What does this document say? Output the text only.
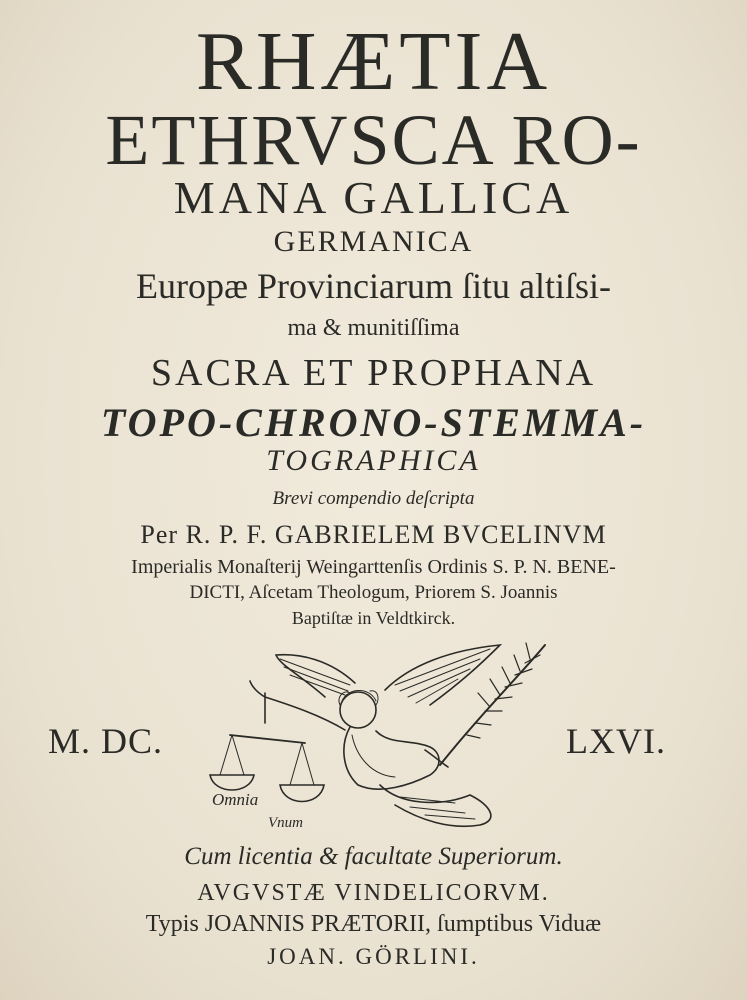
RHÆTIA
ETHRVSCA RO-
MANA GALLICA
GERMANICA
Europæ Provinciarum ſitu altiſsi-
ma & munitiſſima
SACRA ET PROPHANA
TOPO-CHRONO-STEMMA-
TOGRAPHICA
Brevi compendio deſcripta
Per R. P. F. GABRIELEM BVCELINVM
Imperialis Monaſterij Weingarttenſis Ordinis S. P. N. BENE-
DICTI, Aſcetam Theologum, Priorem S. Joannis
Baptiſtæ in Veldtkirck.
M. DC.	LXVI.
Omnia
Vnum
Cum licentia & facultate Superiorum.
AVGVSTÆ VINDELICORVM.
Typis JOANNIS PRÆTORII, ſumptibus Viduæ
JOAN. GÖRLINI.
